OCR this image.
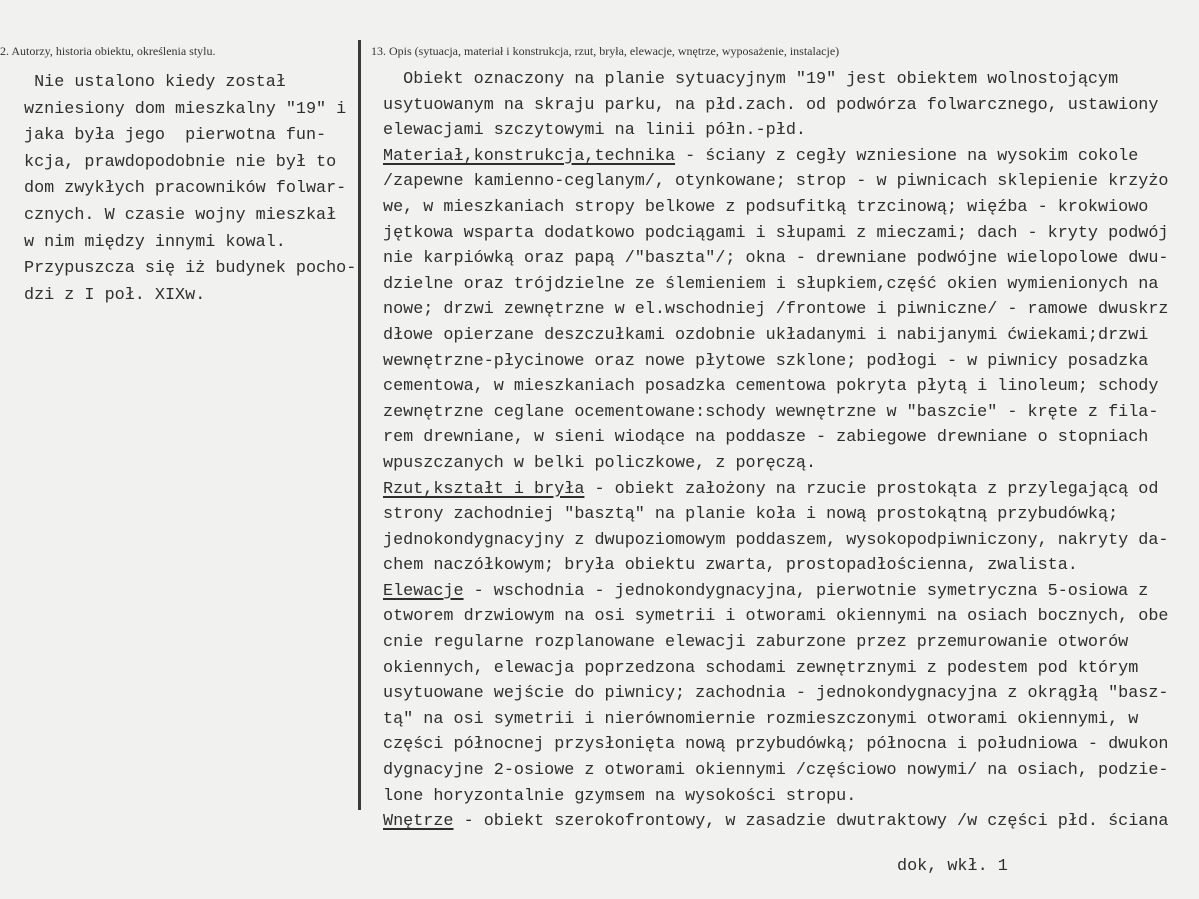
2. Autorzy, historia obiektu, określenia stylu.	13. Opis (sytuacja, materiał i konstrukcja, rzut, bryła, elewacje, wnętrze, wyposażenie, instalacje)
Nie ustalono kiedy został
wzniesiony dom mieszkalny "19" i
jaka była jego  pierwotna fun-
kcja, prawdopodobnie nie był to
dom zwykłych pracowników folwar-
cznych. W czasie wojny mieszkał
w nim między innymi kowal.
Przypuszcza się iż budynek pocho-
dzi z I poł. XIXw.
Obiekt oznaczony na planie sytuacyjnym "19" jest obiektem wolnostojącym
usytuowanym na skraju parku, na płd.zach. od podwórza folwarcznego, ustawiony
elewacjami szczytowymi na linii półn.-płd.
Materiał,konstrukcja,technika - ściany z cegły wzniesione na wysokim cokole
/zapewne kamienno-ceglanym/, otynkowane; strop - w piwnicach sklepienie krzyżo
we, w mieszkaniach stropy belkowe z podsufitką trzcinową; więźba - krokwiowo
jętkowa wsparta dodatkowo podciągami i słupami z mieczami; dach - kryty podwój
nie karpiówką oraz papą /"baszta"/; okna - drewniane podwójne wielopolowe dwu-
dzielne oraz trójdzielne ze ślemieniem i słupkiem,część okien wymienionych na
nowe; drzwi zewnętrzne w el.wschodniej /frontowe i piwniczne/ - ramowe dwuskrz
dłowe opierzane deszczułkami ozdobnie układanymi i nabijanymi ćwiekami;drzwi
wewnętrzne-płycinowe oraz nowe płytowe szklone; podłogi - w piwnicy posadzka
cementowa, w mieszkaniach posadzka cementowa pokryta płytą i linoleum; schody
zewnętrzne ceglane ocementowane:schody wewnętrzne w "baszcie" - kręte z fila-
rem drewniane, w sieni wiodące na poddasze - zabiegowe drewniane o stopniach
wpuszczanych w belki policzkowe, z poręczą.
Rzut,kształt i bryła - obiekt założony na rzucie prostokąta z przylegającą od
strony zachodniej "basztą" na planie koła i nową prostokątną przybudówką;
jednokondygnacyjny z dwupoziomowym poddaszem, wysokopodpiwniczony, nakryty da-
chem naczółkowym; bryła obiektu zwarta, prostopadłościenna, zwalista.
Elewacje - wschodnia - jednokondygnacyjna, pierwotnie symetryczna 5-osiowa z
otworem drzwiowym na osi symetrii i otworami okiennymi na osiach bocznych, obe
cnie regularne rozplanowane elewacji zaburzone przez przemurowanie otworów
okiennych, elewacja poprzedzona schodami zewnętrznymi z podestem pod którym
usytuowane wejście do piwnicy; zachodnia - jednokondygnacyjna z okrągłą "basz-
tą" na osi symetrii i nierównomiernie rozmieszczonymi otworami okiennymi, w
części północnej przysłonięta nową przybudówką; północna i południowa - dwukon
dygnacyjne 2-osiowe z otworami okiennymi /częściowo nowymi/ na osiach, podzie-
lone horyzontalnie gzymsem na wysokości stropu.
Wnętrze - obiekt szerokofrontowy, w zasadzie dwutraktowy /w części płd. ściana
dok, wkł. 1
